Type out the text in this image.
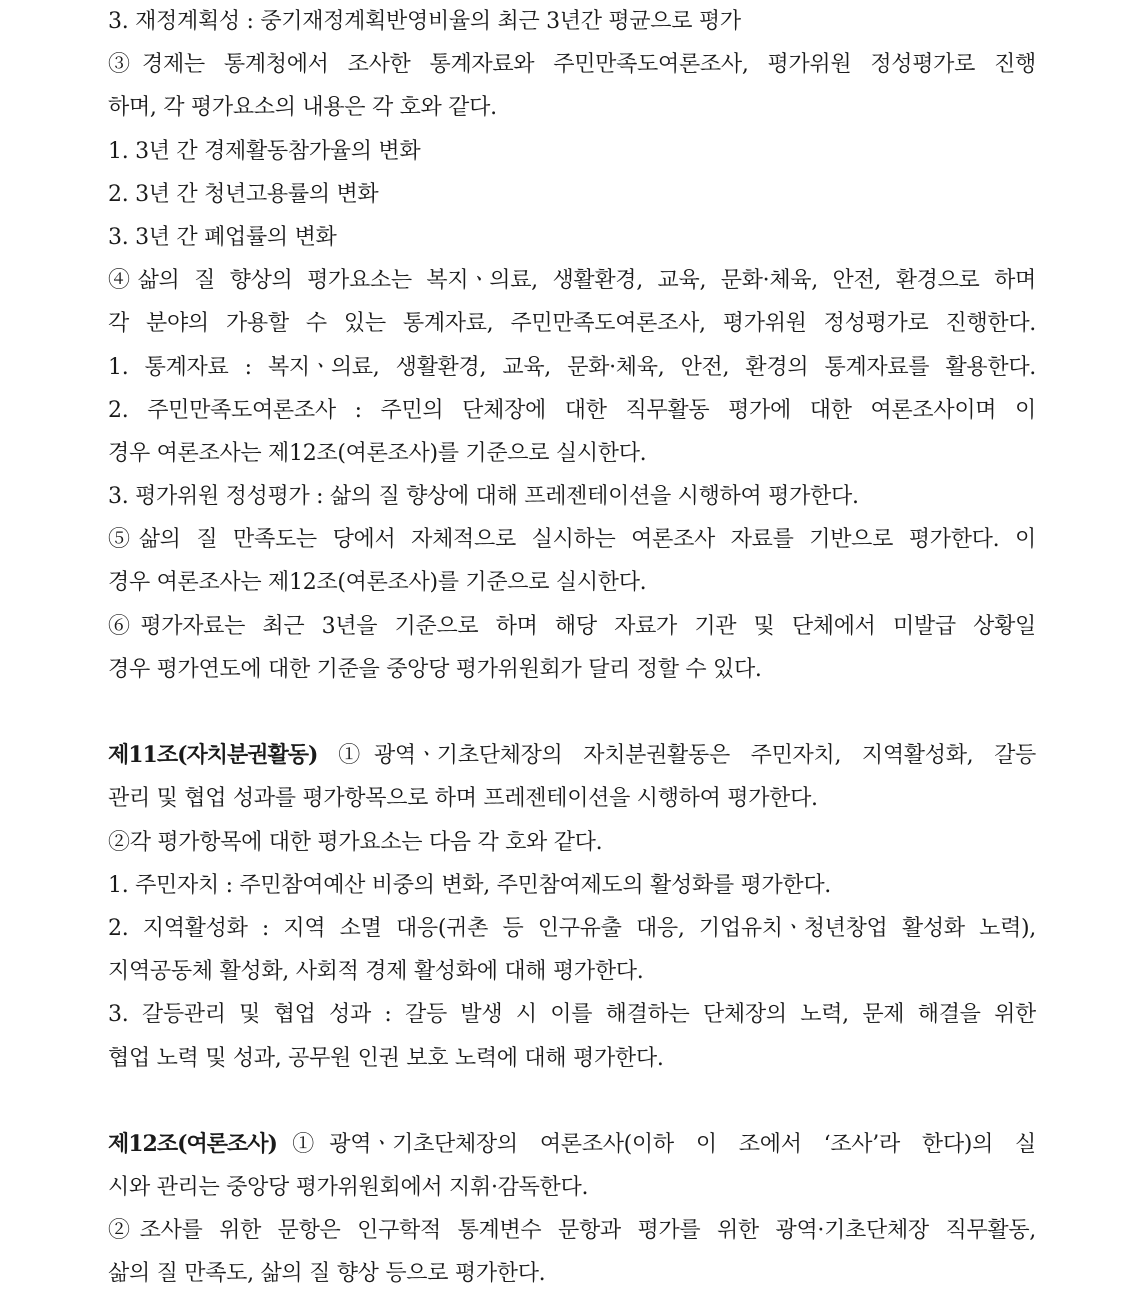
3. 재정계획성 : 중기재정계획반영비율의 최근 3년간 평균으로 평가
③경제는 통계청에서 조사한 통계자료와 주민만족도여론조사, 평가위원 정성평가로 진행
하며, 각 평가요소의 내용은 각 호와 같다.
1. 3년 간 경제활동참가율의 변화
2. 3년 간 청년고용률의 변화
3. 3년 간 폐업률의 변화
④삶의 질 향상의 평가요소는 복지ㆍ의료, 생활환경, 교육, 문화·체육, 안전, 환경으로 하며
각 분야의 가용할 수 있는 통계자료, 주민만족도여론조사, 평가위원 정성평가로 진행한다.
1. 통계자료 : 복지ㆍ의료, 생활환경, 교육, 문화·체육, 안전, 환경의 통계자료를 활용한다.
2. 주민만족도여론조사 : 주민의 단체장에 대한 직무활동 평가에 대한 여론조사이며 이
경우 여론조사는 제12조(여론조사)를 기준으로 실시한다.
3. 평가위원 정성평가 : 삶의 질 향상에 대해 프레젠테이션을 시행하여 평가한다.
⑤삶의 질 만족도는 당에서 자체적으로 실시하는 여론조사 자료를 기반으로 평가한다. 이
경우 여론조사는 제12조(여론조사)를 기준으로 실시한다.
⑥평가자료는 최근 3년을 기준으로 하며 해당 자료가 기관 및 단체에서 미발급 상황일
경우 평가연도에 대한 기준을 중앙당 평가위원회가 달리 정할 수 있다.
제11조(자치분권활동) ①광역ㆍ기초단체장의 자치분권활동은 주민자치, 지역활성화, 갈등
관리 및 협업 성과를 평가항목으로 하며 프레젠테이션을 시행하여 평가한다.
②각 평가항목에 대한 평가요소는 다음 각 호와 같다.
1. 주민자치 : 주민참여예산 비중의 변화, 주민참여제도의 활성화를 평가한다.
2. 지역활성화 : 지역 소멸 대응(귀촌 등 인구유출 대응, 기업유치ㆍ청년창업 활성화 노력),
지역공동체 활성화, 사회적 경제 활성화에 대해 평가한다.
3. 갈등관리 및 협업 성과 : 갈등 발생 시 이를 해결하는 단체장의 노력, 문제 해결을 위한
협업 노력 및 성과, 공무원 인권 보호 노력에 대해 평가한다.
제12조(여론조사)①광역ㆍ기초단체장의 여론조사(이하 이 조에서 ‘조사’라 한다)의 실
시와 관리는 중앙당 평가위원회에서 지휘·감독한다.
②조사를 위한 문항은 인구학적 통계변수 문항과 평가를 위한 광역·기초단체장 직무활동,
삶의 질 만족도, 삶의 질 향상 등으로 평가한다.
